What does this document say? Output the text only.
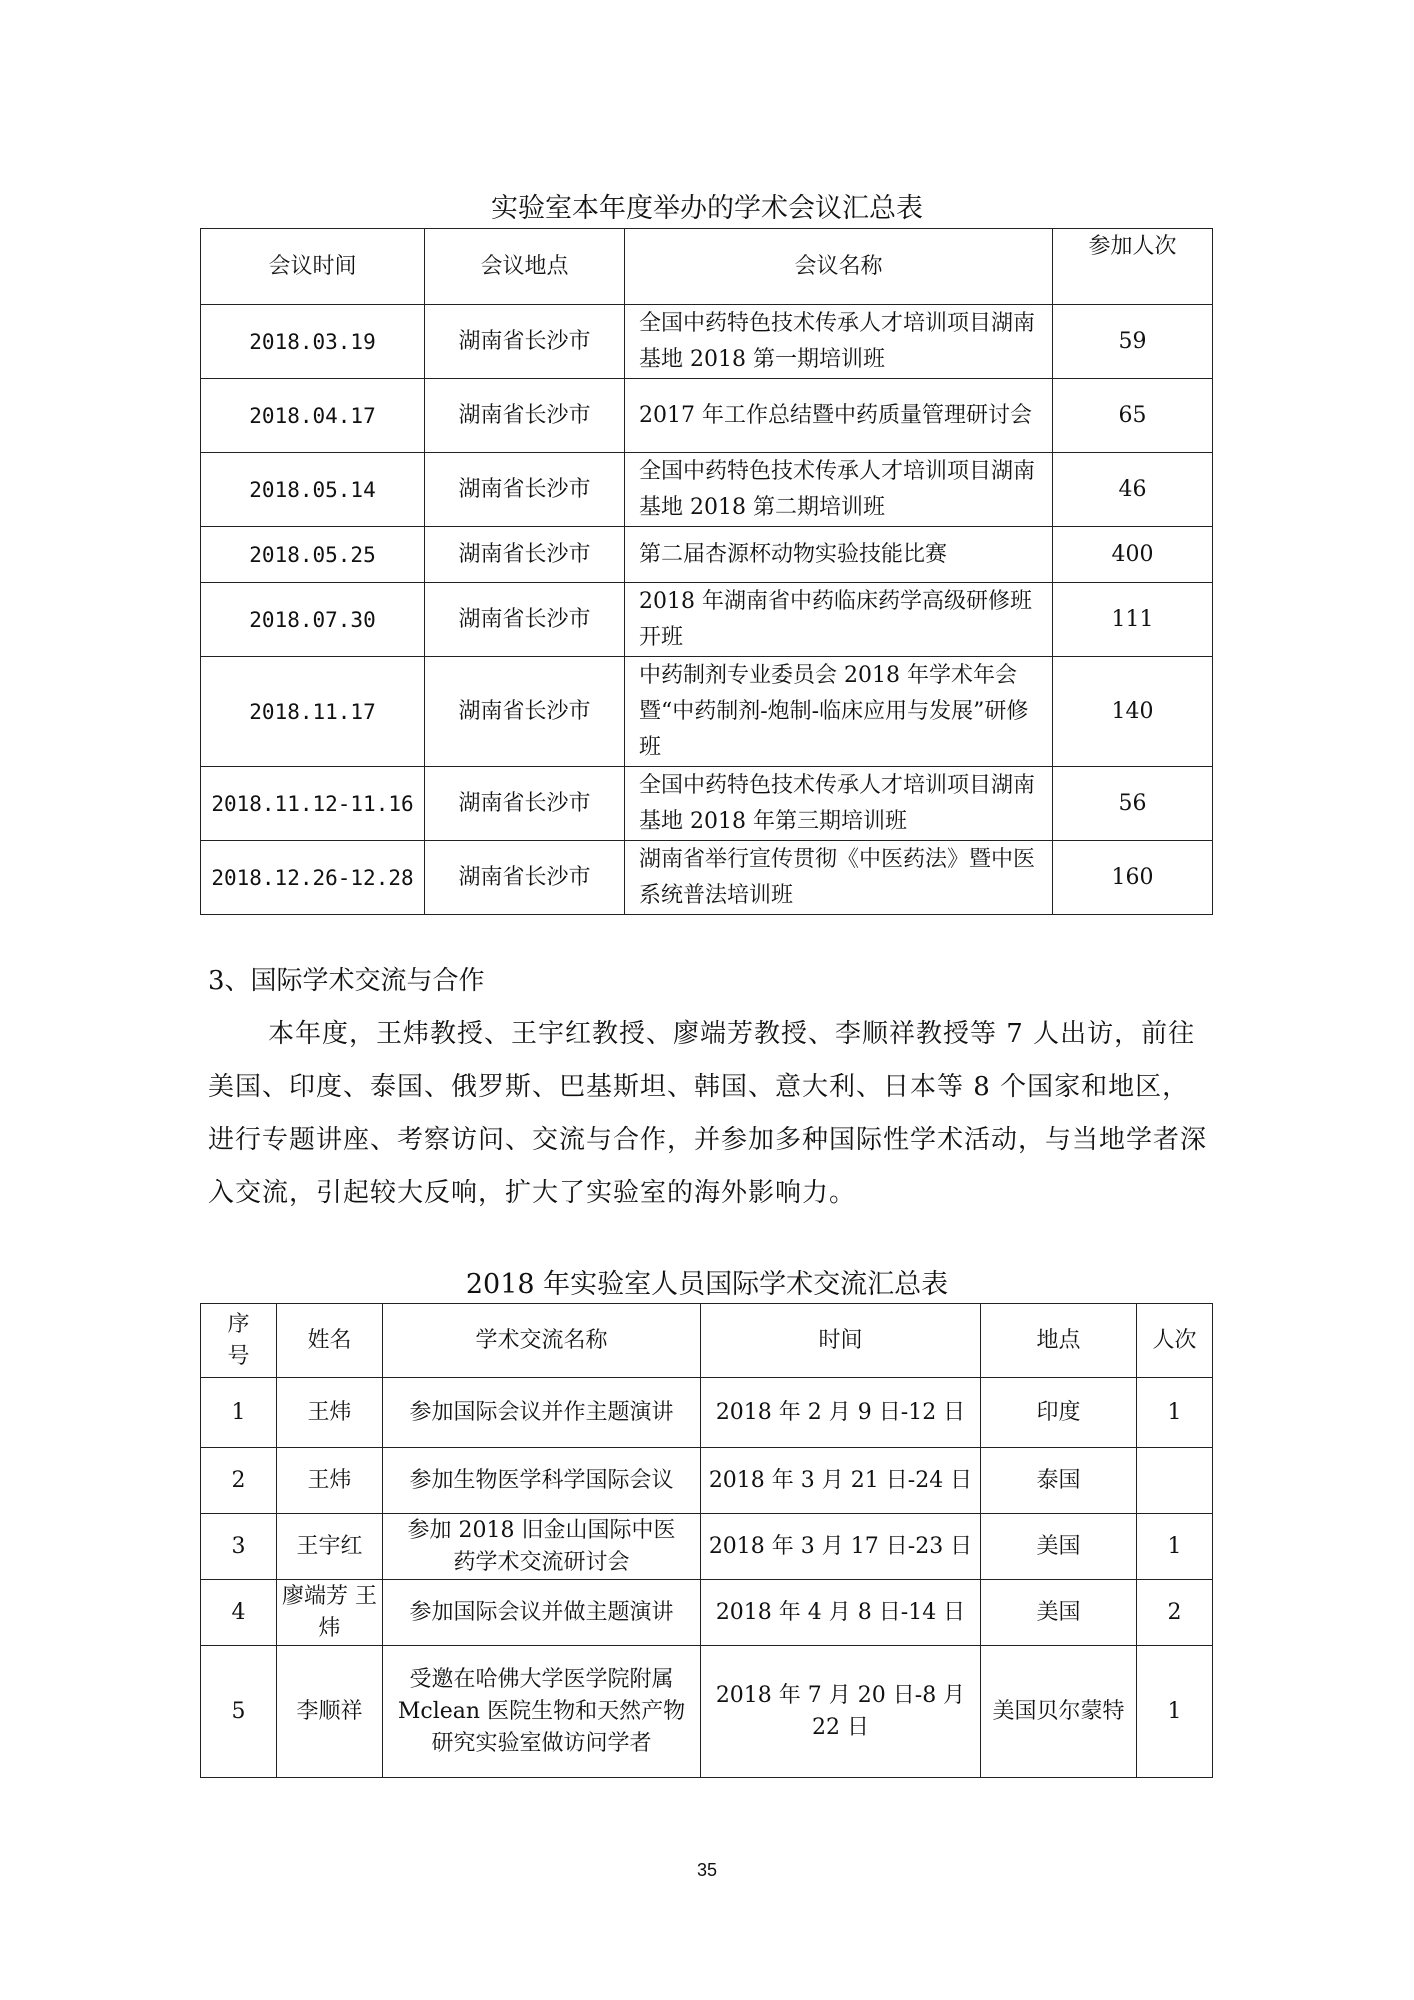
实验室本年度举办的学术会议汇总表
会议时间	会议地点	会议名称	参加人次
2018.03.19	湖南省长沙市	全国中药特色技术传承人才培训项目湖南基地 2018 第一期培训班	59
2018.04.17	湖南省长沙市	2017 年工作总结暨中药质量管理研讨会	65
2018.05.14	湖南省长沙市	全国中药特色技术传承人才培训项目湖南基地 2018 第二期培训班	46
2018.05.25	湖南省长沙市	第二届杏源杯动物实验技能比赛	400
2018.07.30	湖南省长沙市	2018 年湖南省中药临床药学高级研修班开班	111
2018.11.17	湖南省长沙市	中药制剂专业委员会 2018 年学术年会暨“中药制剂-炮制-临床应用与发展”研修班	140
2018.11.12-11.16	湖南省长沙市	全国中药特色技术传承人才培训项目湖南基地 2018 年第三期培训班	56
2018.12.26-12.28	湖南省长沙市	湖南省举行宣传贯彻《中医药法》暨中医系统普法培训班	160
3、国际学术交流与合作
本年度，王炜教授、王宇红教授、廖端芳教授、李顺祥教授等 7 人出访，前往美国、印度、泰国、俄罗斯、巴基斯坦、韩国、意大利、日本等 8 个国家和地区，进行专题讲座、考察访问、交流与合作，并参加多种国际性学术活动，与当地学者深入交流，引起较大反响，扩大了实验室的海外影响力。
2018 年实验室人员国际学术交流汇总表
序号	姓名	学术交流名称	时间	地点	人次
1	王炜	参加国际会议并作主题演讲	2018 年 2 月 9 日-12 日	印度	1
2	王炜	参加生物医学科学国际会议	2018 年 3 月 21 日-24 日	泰国	
3	王宇红	参加 2018 旧金山国际中医药学术交流研讨会	2018 年 3 月 17 日-23 日	美国	1
4	廖端芳 王　炜	参加国际会议并做主题演讲	2018 年 4 月 8 日-14 日	美国	2
5	李顺祥	受邀在哈佛大学医学院附属 Mclean 医院生物和天然产物研究实验室做访问学者	2018 年 7 月 20 日-8 月 22 日	美国贝尔蒙特	1
35
